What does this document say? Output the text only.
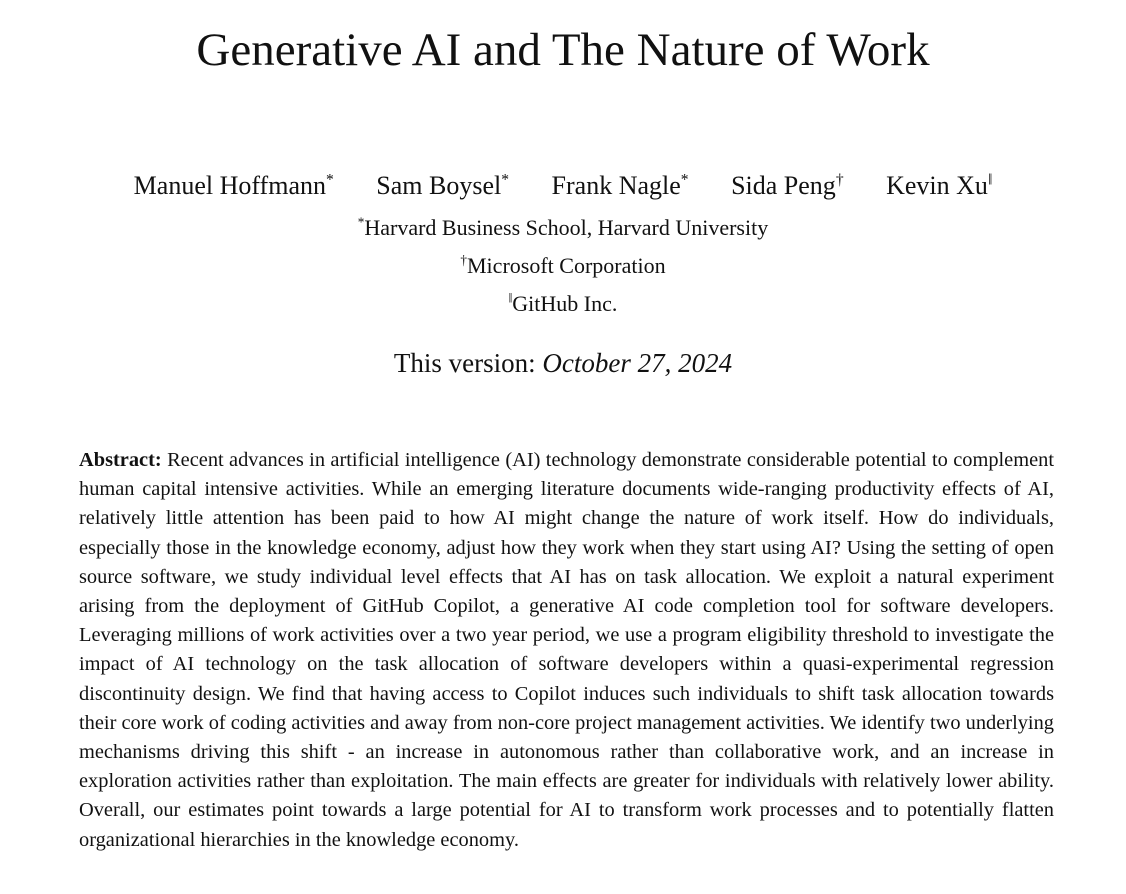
Generative AI and The Nature of Work
Manuel Hoffmann* Sam Boysel* Frank Nagle* Sida Peng† Kevin Xu‖
*Harvard Business School, Harvard University
†Microsoft Corporation
‖GitHub Inc.
This version: October 27, 2024

Abstract: Recent advances in artificial intelligence (AI) technology demonstrate considerable potential to complement human capital intensive activities. While an emerging literature documents wide-ranging productivity effects of AI, relatively little attention has been paid to how AI might change the nature of work itself. How do individuals, especially those in the knowledge economy, adjust how they work when they start using AI? Using the setting of open source software, we study individual level effects that AI has on task allocation. We exploit a natural experiment arising from the deployment of GitHub Copilot, a generative AI code completion tool for software developers. Leveraging millions of work activities over a two year period, we use a program eligibility threshold to investigate the impact of AI technology on the task allocation of software developers within a quasi-experimental regression discontinuity design. We find that having access to Copilot induces such individuals to shift task allocation towards their core work of coding activities and away from non-core project management activities. We identify two underlying mechanisms driving this shift - an increase in autonomous rather than collaborative work, and an increase in exploration activities rather than exploitation. The main effects are greater for individuals with relatively lower ability. Overall, our estimates point towards a large potential for AI to transform work processes and to potentially flatten organizational hierarchies in the knowledge economy.
